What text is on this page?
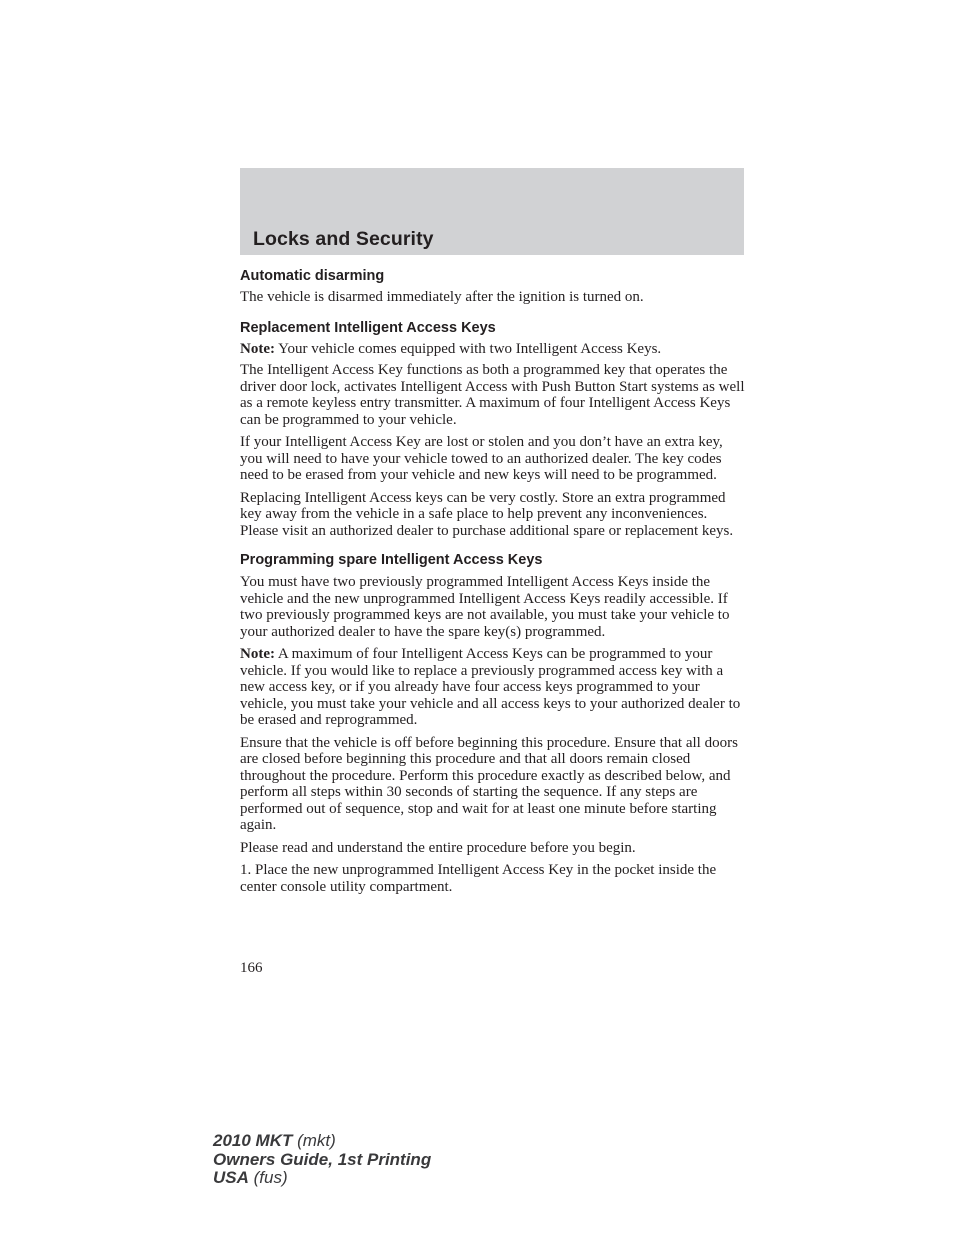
Locks and Security
Automatic disarming

The vehicle is disarmed immediately after the ignition is turned on.

Replacement Intelligent Access Keys

Note: Your vehicle comes equipped with two Intelligent Access Keys.

The Intelligent Access Key functions as both a programmed key that operates the driver door lock, activates Intelligent Access with Push Button Start systems as well as a remote keyless entry transmitter. A maximum of four Intelligent Access Keys can be programmed to your vehicle.

If your Intelligent Access Key are lost or stolen and you don’t have an extra key, you will need to have your vehicle towed to an authorized dealer. The key codes need to be erased from your vehicle and new keys will need to be programmed.

Replacing Intelligent Access keys can be very costly. Store an extra programmed key away from the vehicle in a safe place to help prevent any inconveniences. Please visit an authorized dealer to purchase additional spare or replacement keys.

Programming spare Intelligent Access Keys

You must have two previously programmed Intelligent Access Keys inside the vehicle and the new unprogrammed Intelligent Access Keys readily accessible. If two previously programmed keys are not available, you must take your vehicle to your authorized dealer to have the spare key(s) programmed.

Note: A maximum of four Intelligent Access Keys can be programmed to your vehicle. If you would like to replace a previously programmed access key with a new access key, or if you already have four access keys programmed to your vehicle, you must take your vehicle and all access keys to your authorized dealer to be erased and reprogrammed.

Ensure that the vehicle is off before beginning this procedure. Ensure that all doors are closed before beginning this procedure and that all doors remain closed throughout the procedure. Perform this procedure exactly as described below, and perform all steps within 30 seconds of starting the sequence. If any steps are performed out of sequence, stop and wait for at least one minute before starting again.

Please read and understand the entire procedure before you begin.

1. Place the new unprogrammed Intelligent Access Key in the pocket inside the center console utility compartment.

166
2010 MKT (mkt)
Owners Guide, 1st Printing
USA (fus)
